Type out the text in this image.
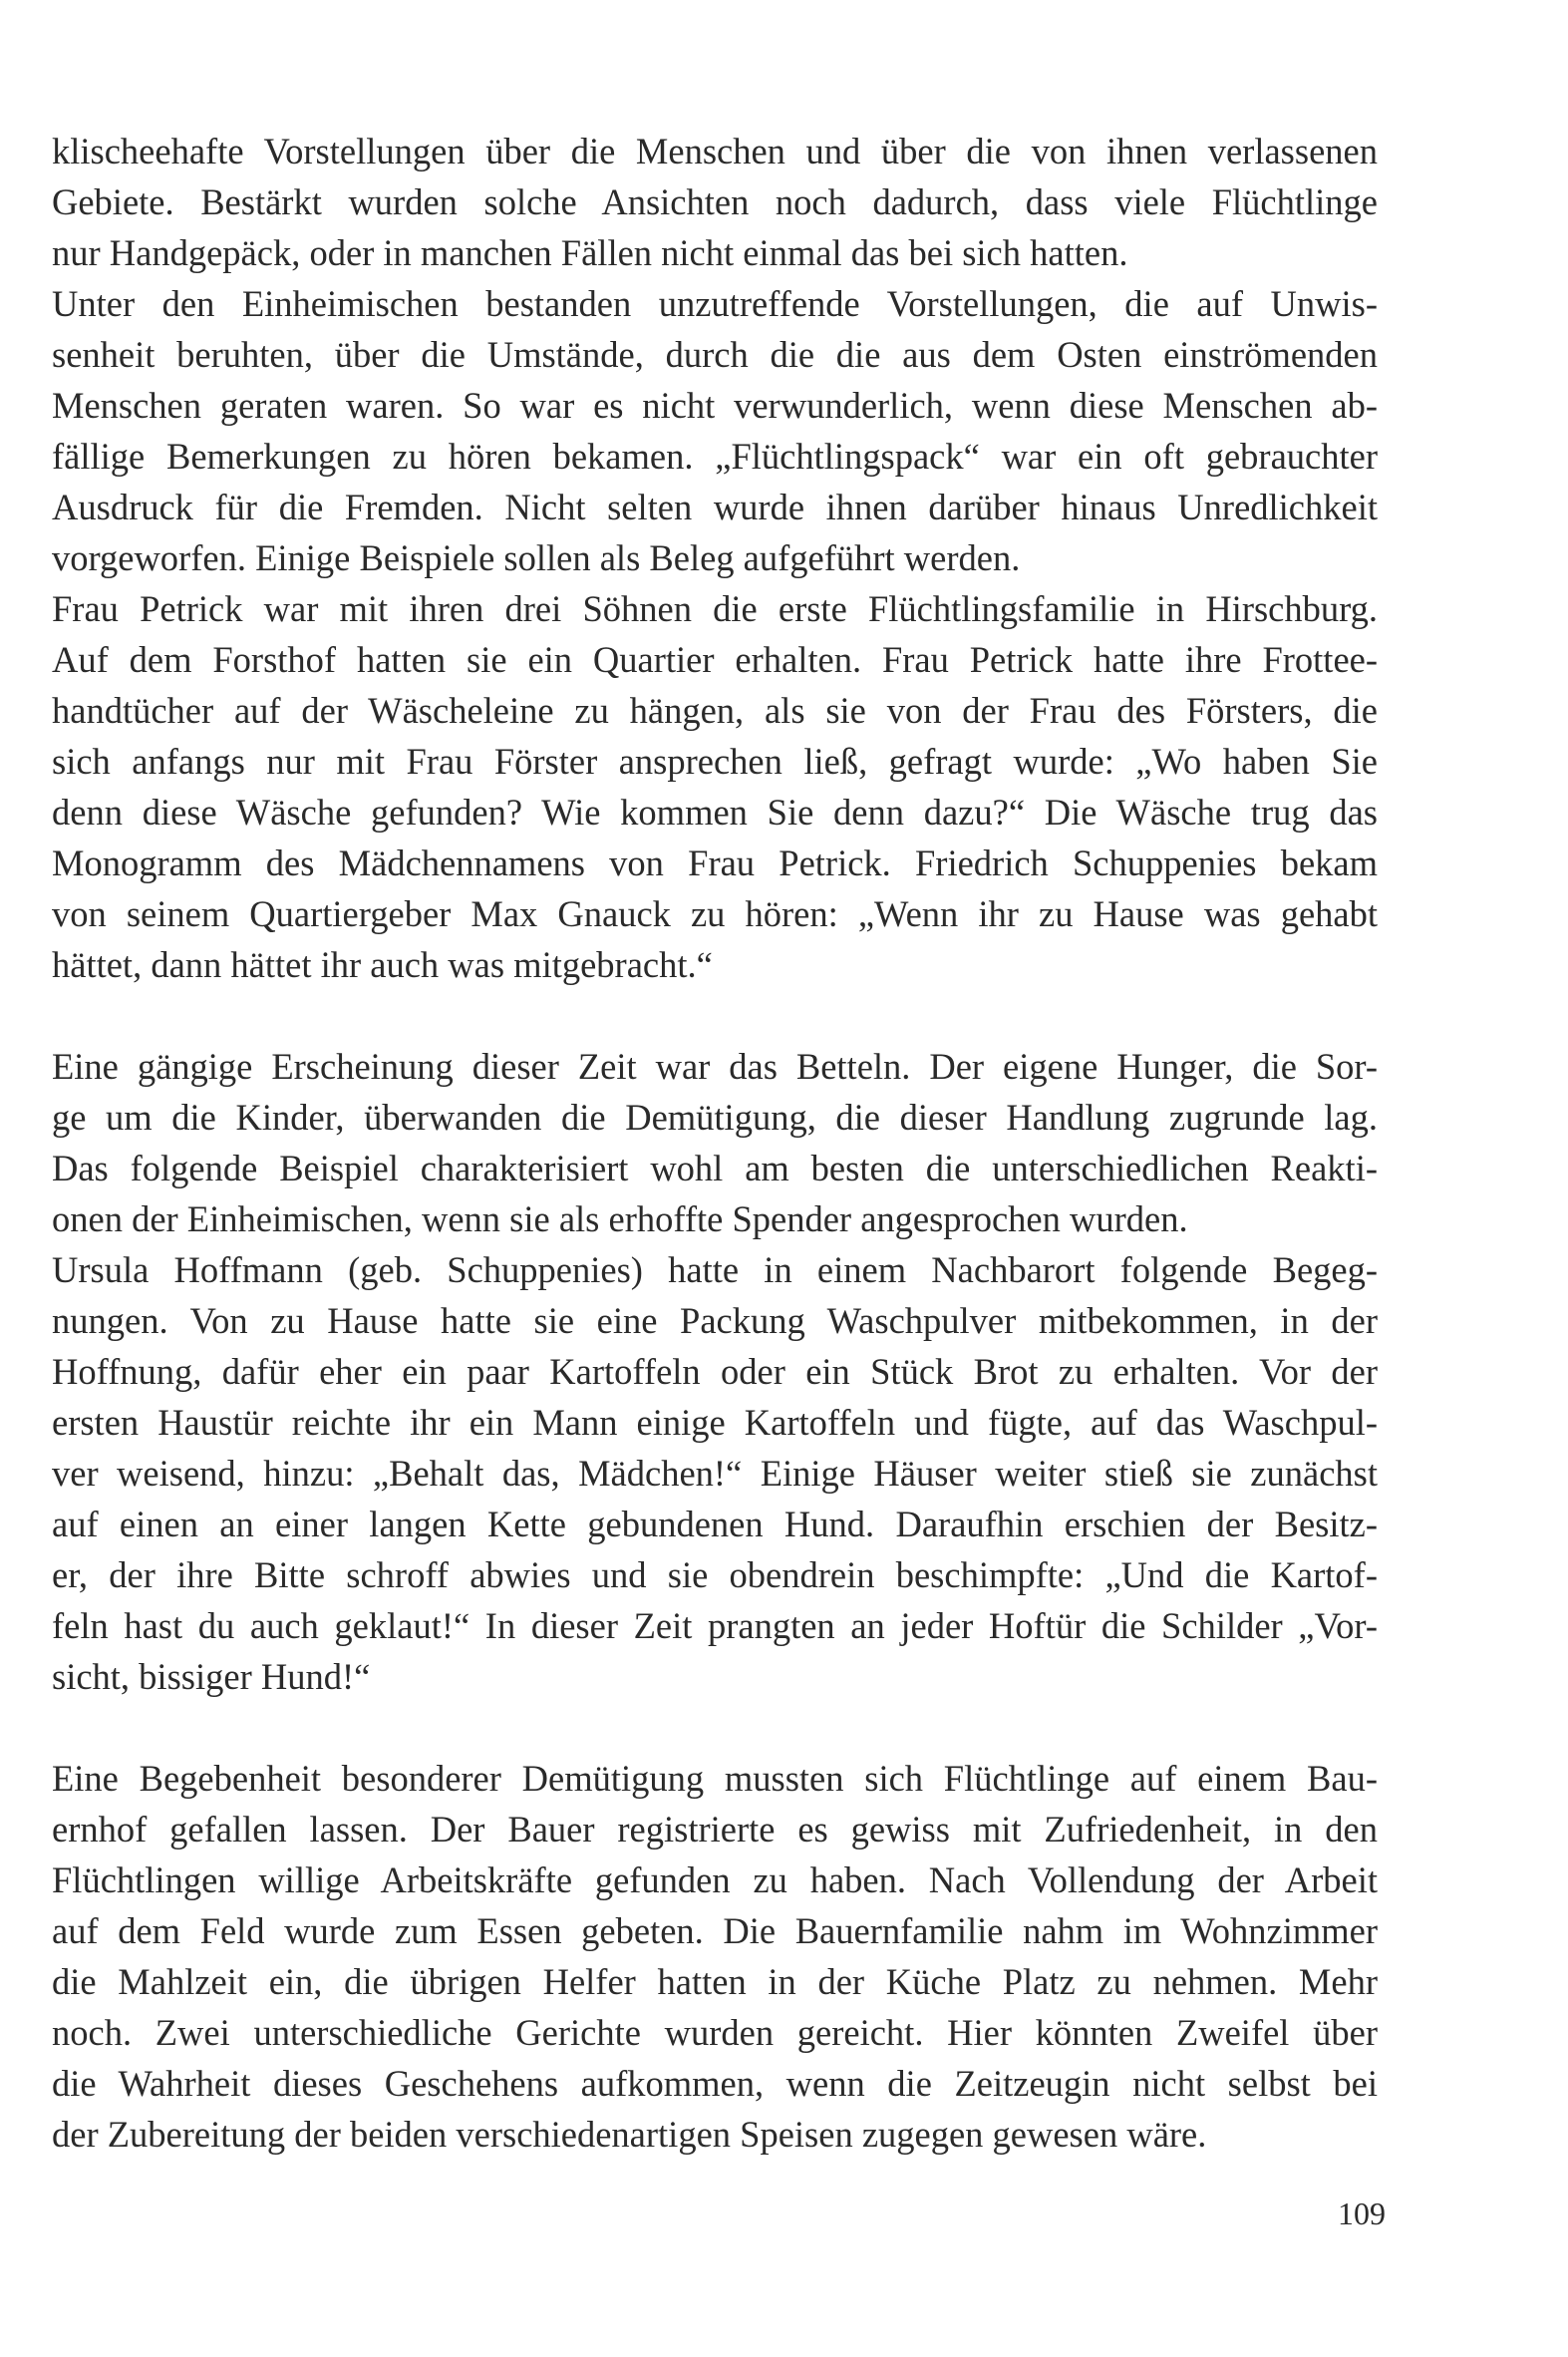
klischeehafte Vorstellungen über die Menschen und über die von ihnen verlassenen
Gebiete. Bestärkt wurden solche Ansichten noch dadurch, dass viele Flüchtlinge
nur Handgepäck, oder in manchen Fällen nicht einmal das bei sich hatten.
Unter den Einheimischen bestanden unzutreffende Vorstellungen, die auf Unwis-
senheit beruhten, über die Umstände, durch die die aus dem Osten einströmenden
Menschen geraten waren. So war es nicht verwunderlich, wenn diese Menschen ab-
fällige Bemerkungen zu hören bekamen. „Flüchtlingspack“ war ein oft gebrauchter
Ausdruck für die Fremden. Nicht selten wurde ihnen darüber hinaus Unredlichkeit
vorgeworfen. Einige Beispiele sollen als Beleg aufgeführt werden.
Frau Petrick war mit ihren drei Söhnen die erste Flüchtlingsfamilie in Hirschburg.
Auf dem Forsthof hatten sie ein Quartier erhalten. Frau Petrick hatte ihre Frottee-
handtücher auf der Wäscheleine zu hängen, als sie von der Frau des Försters, die
sich anfangs nur mit Frau Förster ansprechen ließ, gefragt wurde: „Wo haben Sie
denn diese Wäsche gefunden? Wie kommen Sie denn dazu?“ Die Wäsche trug das
Monogramm des Mädchennamens von Frau Petrick. Friedrich Schuppenies bekam
von seinem Quartiergeber Max Gnauck zu hören: „Wenn ihr zu Hause was gehabt
hättet, dann hättet ihr auch was mitgebracht.“
Eine gängige Erscheinung dieser Zeit war das Betteln. Der eigene Hunger, die Sor-
ge um die Kinder, überwanden die Demütigung, die dieser Handlung zugrunde lag.
Das folgende Beispiel charakterisiert wohl am besten die unterschiedlichen Reakti-
onen der Einheimischen, wenn sie als erhoffte Spender angesprochen wurden.
Ursula Hoffmann (geb. Schuppenies) hatte in einem Nachbarort folgende Begeg-
nungen. Von zu Hause hatte sie eine Packung Waschpulver mitbekommen, in der
Hoffnung, dafür eher ein paar Kartoffeln oder ein Stück Brot zu erhalten. Vor der
ersten Haustür reichte ihr ein Mann einige Kartoffeln und fügte, auf das Waschpul-
ver weisend, hinzu: „Behalt das, Mädchen!“ Einige Häuser weiter stieß sie zunächst
auf einen an einer langen Kette gebundenen Hund. Daraufhin erschien der Besitz-
er, der ihre Bitte schroff abwies und sie obendrein beschimpfte: „Und die Kartof-
feln hast du auch geklaut!“ In dieser Zeit prangten an jeder Hoftür die Schilder „Vor-
sicht, bissiger Hund!“
Eine Begebenheit besonderer Demütigung mussten sich Flüchtlinge auf einem Bau-
ernhof gefallen lassen. Der Bauer registrierte es gewiss mit Zufriedenheit, in den
Flüchtlingen willige Arbeitskräfte gefunden zu haben. Nach Vollendung der Arbeit
auf dem Feld wurde zum Essen gebeten. Die Bauernfamilie nahm im Wohnzimmer
die Mahlzeit ein, die übrigen Helfer hatten in der Küche Platz zu nehmen. Mehr
noch. Zwei unterschiedliche Gerichte wurden gereicht. Hier könnten Zweifel über
die Wahrheit dieses Geschehens aufkommen, wenn die Zeitzeugin nicht selbst bei
der Zubereitung der beiden verschiedenartigen Speisen zugegen gewesen wäre.
109
